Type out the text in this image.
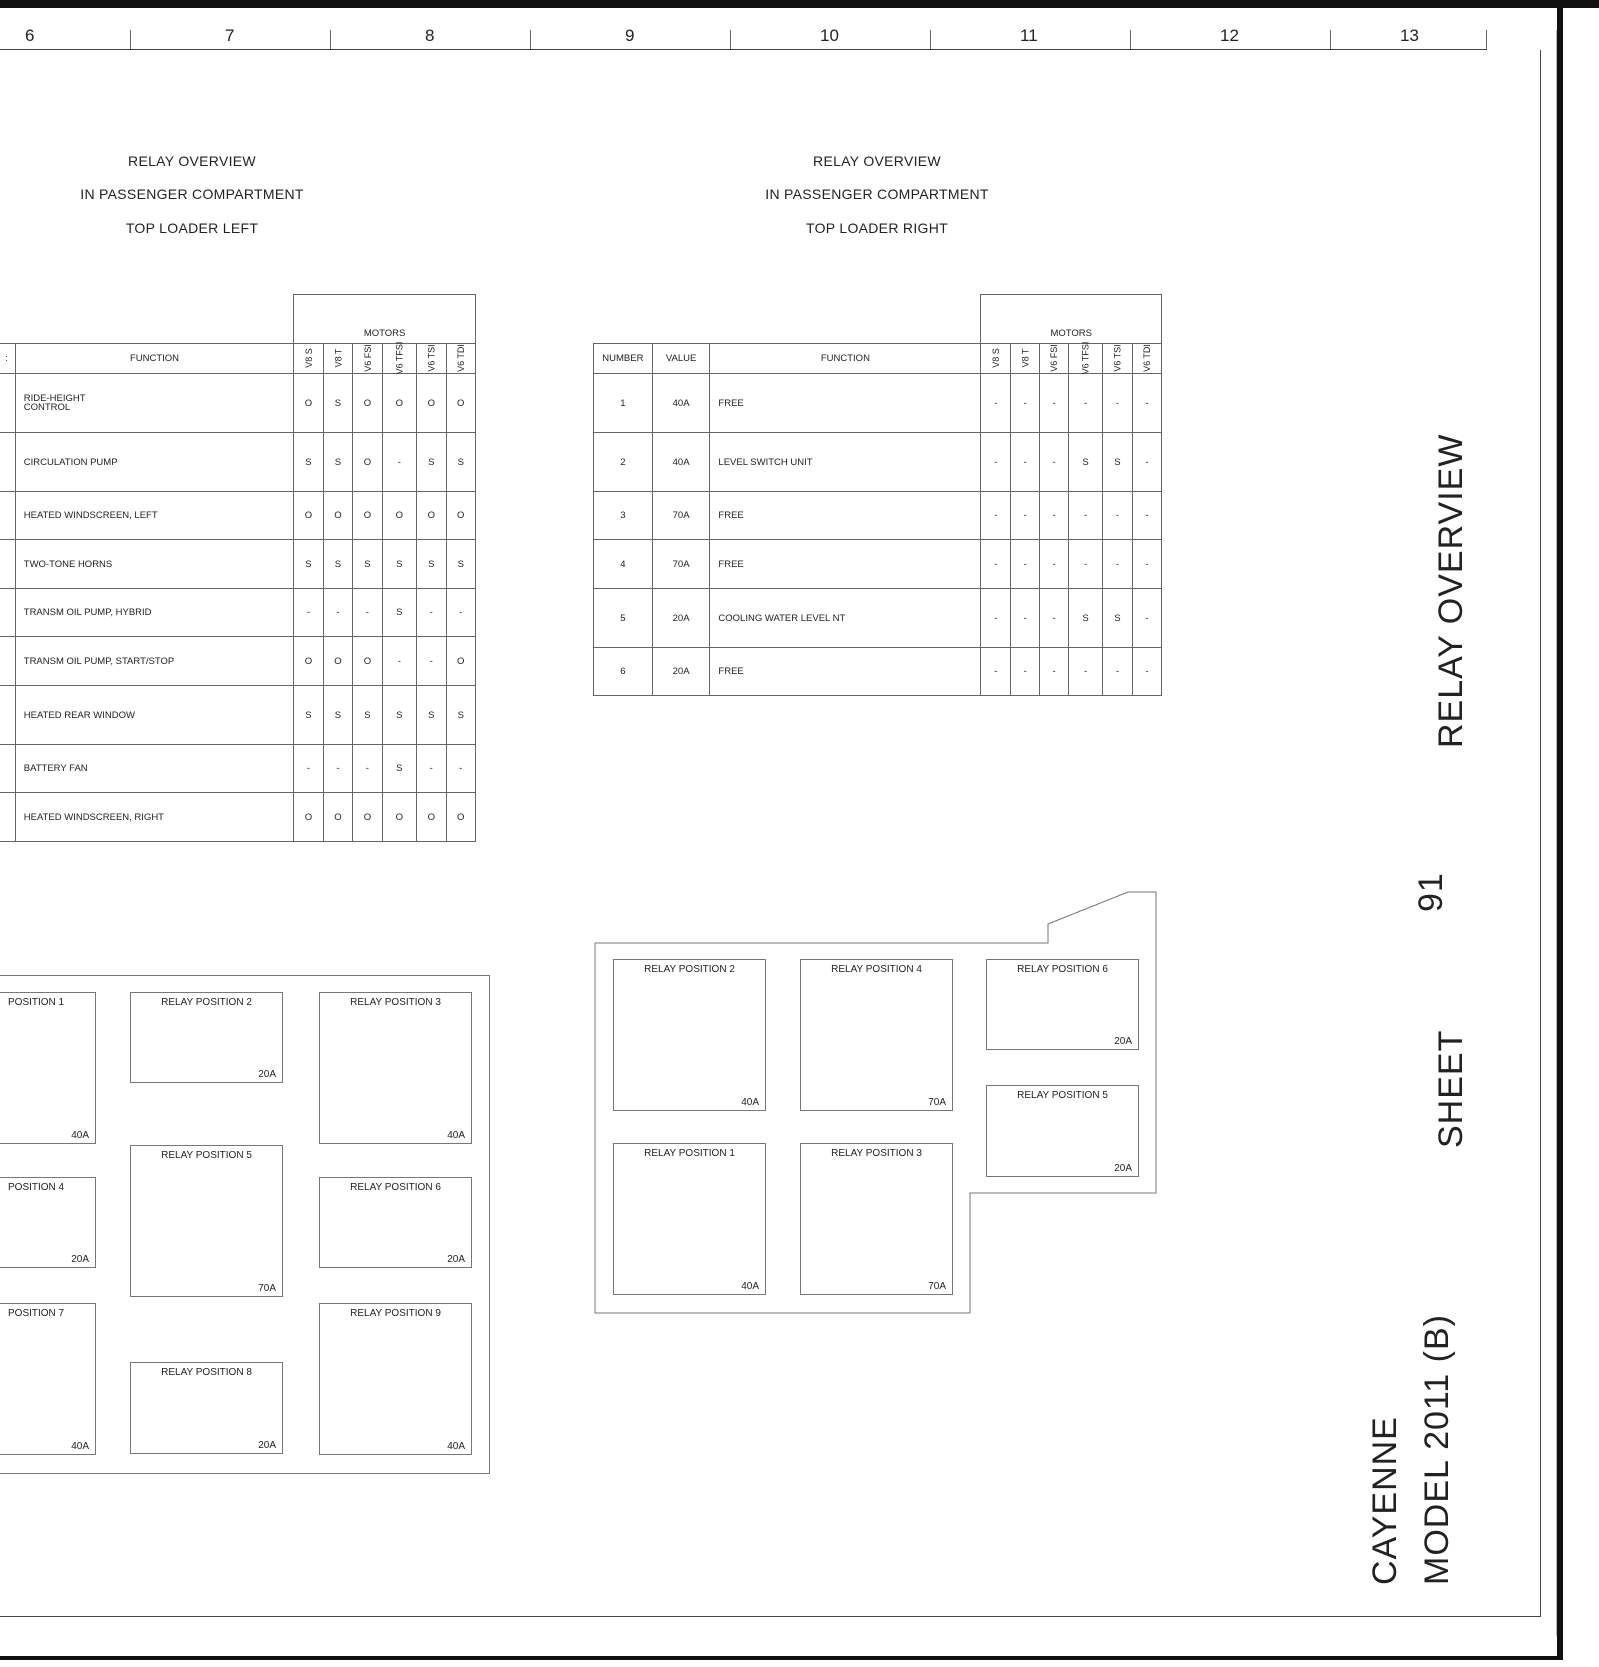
6	7	8	9	10	11	12	13
RELAY OVERVIEW
IN PASSENGER COMPARTMENT
TOP LOADER LEFT
RELAY OVERVIEW
IN PASSENGER COMPARTMENT
TOP LOADER RIGHT
		MOTORS					
:	FUNCTION	V8 S	V8 T	V6 FSI	V6 TFSI	V6 TSI	V6 TDI
	RIDE-HEIGHT CONTROL	O	S	O	O	O	O
	CIRCULATION PUMP	S	S	O	-	S	S
	HEATED WINDSCREEN, LEFT	O	O	O	O	O	O
	TWO-TONE HORNS	S	S	S	S	S	S
	TRANSM OIL PUMP, HYBRID	-	-	-	S	-	-
	TRANSM OIL PUMP, START/STOP	O	O	O	-	-	O
	HEATED REAR WINDOW	S	S	S	S	S	S
	BATTERY FAN	-	-	-	S	-	-
	HEATED WINDSCREEN, RIGHT	O	O	O	O	O	O
			MOTORS					
NUMBER	VALUE	FUNCTION	V8 S	V8 T	V6 FSI	V6 TFSI	V6 TSI	V6 TDI
1	40A	FREE	-	-	-	-	-	-
2	40A	LEVEL SWITCH UNIT	-	-	-	S	S	-
3	70A	FREE	-	-	-	-	-	-
4	70A	FREE	-	-	-	-	-	-
5	20A	COOLING WATER LEVEL NT	-	-	-	S	S	-
6	20A	FREE	-	-	-	-	-	-
POSITION 1
40A
RELAY POSITION 2
20A
RELAY POSITION 3
40A
POSITION 4
20A
RELAY POSITION 5
70A
RELAY POSITION 6
20A
POSITION 7
40A
RELAY POSITION 8
20A
RELAY POSITION 9
40A
RELAY POSITION 2
40A
RELAY POSITION 4
70A
RELAY POSITION 6
20A
RELAY POSITION 5
20A
RELAY POSITION 1
40A
RELAY POSITION 3
70A
RELAY OVERVIEW
91
SHEET
MODEL 2011 (B)
CAYENNE
